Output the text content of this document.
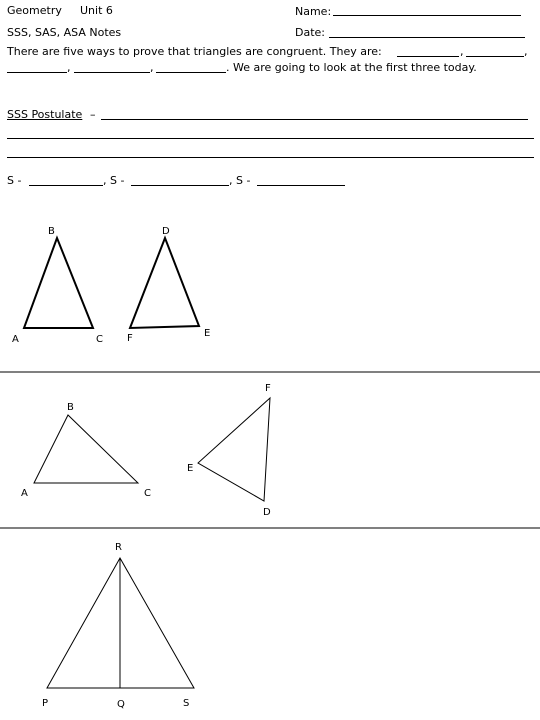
Geometry Unit 6	Name:
SSS, SAS, ASA Notes	Date:
There are five ways to prove that triangles are congruent. They are:	,	,
,	,	. We are going to look at the first three today.
SSS Postulate –
S -	, S -	, S -
A
B
C
D
E
F
A
B
C
D
E
F
R
P	Q	S
